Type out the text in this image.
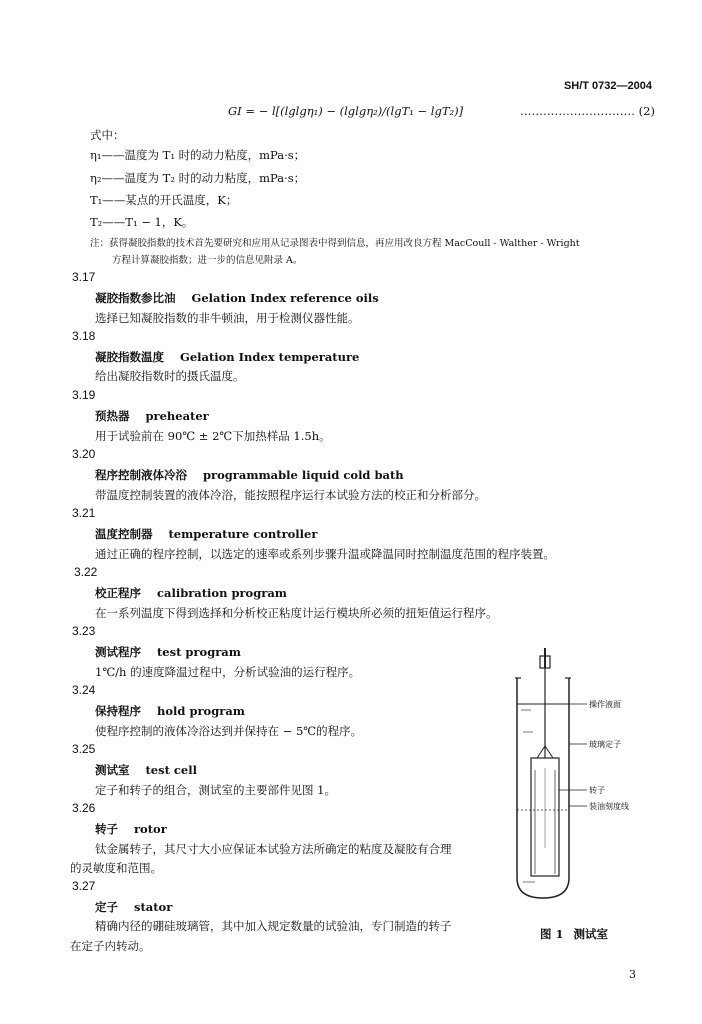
SH/T 0732—2004
GI = − l[(lglgη₁) − (lglgη₂)/(lgT₁ − lgT₂)]	………………………… (2)
式中：
η₁——温度为 T₁ 时的动力粘度，mPa·s；
η₂——温度为 T₂ 时的动力粘度，mPa·s；
T₁——某点的开氏温度，K；
T₂——T₁ − 1，K。
注：获得凝胶指数的技术首先要研究和应用从记录图表中得到信息，再应用改良方程 MacCoull - Walther - Wright
方程计算凝胶指数；进一步的信息见附录 A。
3.17
凝胶指数参比油 Gelation Index reference oils
选择已知凝胶指数的非牛顿油，用于检测仪器性能。
3.18
凝胶指数温度 Gelation Index temperature
给出凝胶指数时的摄氏温度。
3.19
预热器 preheater
用于试验前在 90℃ ± 2℃下加热样品 1.5h。
3.20
程序控制液体冷浴 programmable liquid cold bath
带温度控制装置的液体冷浴，能按照程序运行本试验方法的校正和分析部分。
3.21
温度控制器 temperature controller
通过正确的程序控制，以选定的速率或系列步骤升温或降温同时控制温度范围的程序装置。
3.22
校正程序 calibration program
在一系列温度下得到选择和分析校正粘度计运行模块所必须的扭矩值运行程序。
3.23
测试程序 test program
1℃/h 的速度降温过程中，分析试验油的运行程序。
3.24
保持程序 hold program
使程序控制的液体冷浴达到并保持在 − 5℃的程序。
3.25
测试室 test cell
定子和转子的组合，测试室的主要部件见图 1。
3.26
转子 rotor
钛金属转子，其尺寸大小应保证本试验方法所确定的粘度及凝胶有合理
的灵敏度和范围。
3.27
定子 stator
精确内径的硼硅玻璃管，其中加入规定数量的试验油，专门制造的转子
在定子内转动。
操作液面
玻璃定子
转子
装油刻度线
图 1 测试室
3
